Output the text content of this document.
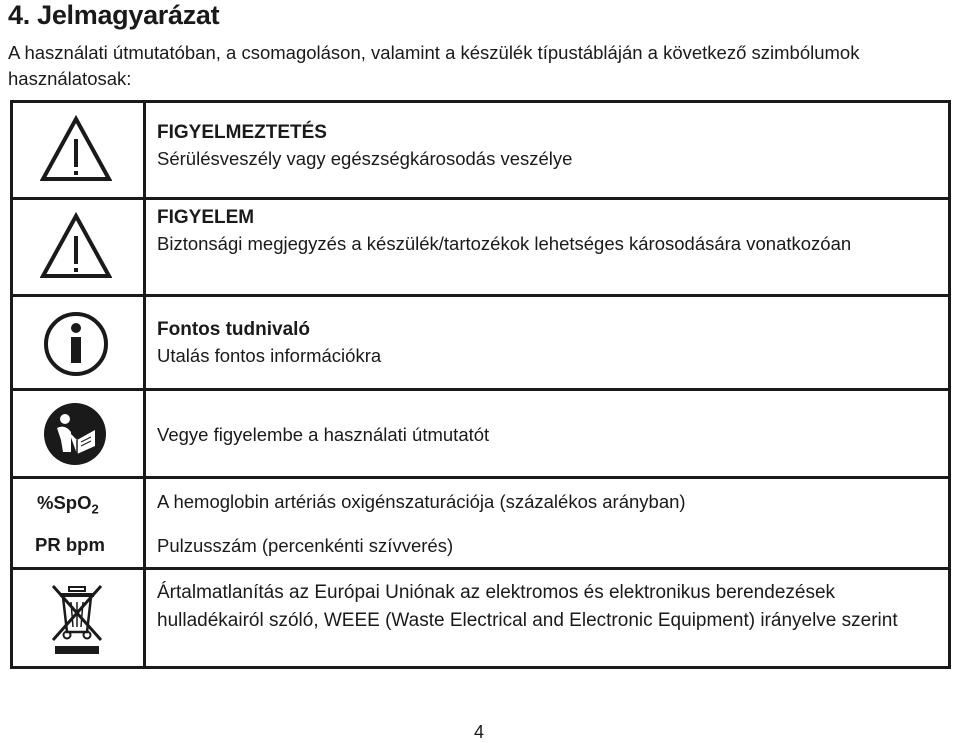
4. Jelmagyarázat
A használati útmutatóban, a csomagoláson, valamint a készülék típustábláján a következő szimbólumok használatosak:
FIGYELMEZTETÉS
Sérülésveszély vagy egészségkárosodás veszélye
FIGYELEM
Biztonsági megjegyzés a készülék/tartozékok lehetséges károsodására vonatkozóan
Fontos tudnivaló
Utalás fontos információkra
Vegye figyelembe a használati útmutatót
%SpO$_2$	A hemoglobin artériás oxigénszaturációja (százalékos arányban)
PR bpm	Pulzusszám (percenkénti szívverés)
Ártalmatlanítás az Európai Uniónak az elektromos és elektronikus berendezések hulladékairól szóló, WEEE (Waste Electrical and Electronic Equipment) irányelve szerint
4
